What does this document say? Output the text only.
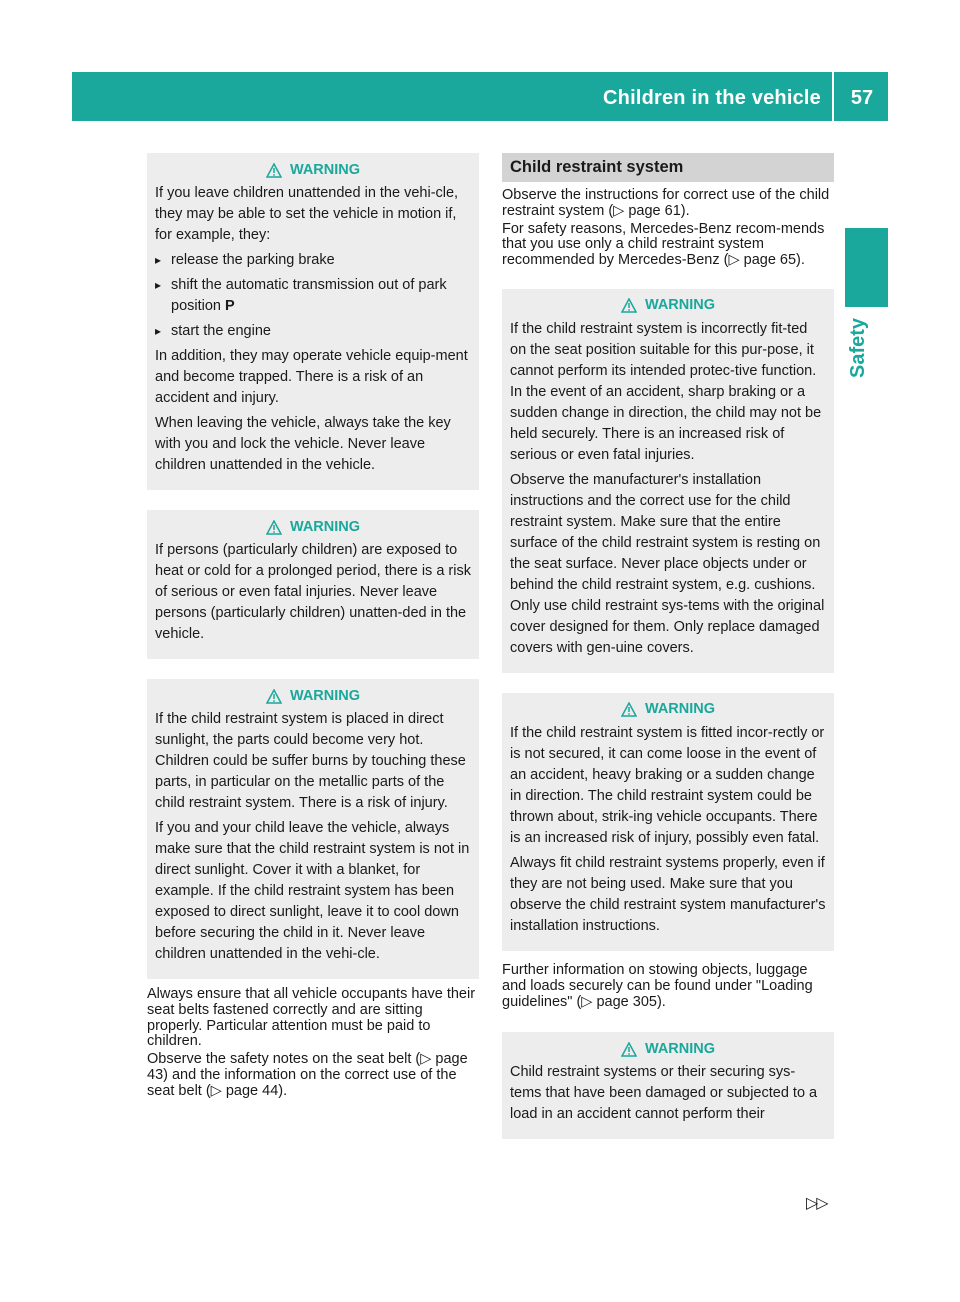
Children in the vehicle	57
Safety
WARNING

If you leave children unattended in the vehi-cle, they may be able to set the vehicle in motion if, for example, they:

▸ release the parking brake
▸ shift the automatic transmission out of park position P
▸ start the engine

In addition, they may operate vehicle equip-ment and become trapped. There is a risk of an accident and injury.

When leaving the vehicle, always take the key with you and lock the vehicle. Never leave children unattended in the vehicle.

WARNING

If persons (particularly children) are exposed to heat or cold for a prolonged period, there is a risk of serious or even fatal injuries. Never leave persons (particularly children) unatten-ded in the vehicle.

WARNING

If the child restraint system is placed in direct sunlight, the parts could become very hot. Children could be suffer burns by touching these parts, in particular on the metallic parts of the child restraint system. There is a risk of injury.

If you and your child leave the vehicle, always make sure that the child restraint system is not in direct sunlight. Cover it with a blanket, for example. If the child restraint system has been exposed to direct sunlight, leave it to cool down before securing the child in it. Never leave children unattended in the vehi-cle.

Always ensure that all vehicle occupants have their seat belts fastened correctly and are sitting properly. Particular attention must be paid to children.

Observe the safety notes on the seat belt (▷ page 43) and the information on the correct use of the seat belt (▷ page 44).

Child restraint system

Observe the instructions for correct use of the child restraint system (▷ page 61).

For safety reasons, Mercedes-Benz recom-mends that you use only a child restraint system recommended by Mercedes-Benz (▷ page 65).

WARNING

If the child restraint system is incorrectly fit-ted on the seat position suitable for this pur-pose, it cannot perform its intended protec-tive function. In the event of an accident, sharp braking or a sudden change in direction, the child may not be held securely. There is an increased risk of serious or even fatal injuries.

Observe the manufacturer's installation instructions and the correct use for the child restraint system. Make sure that the entire surface of the child restraint system is resting on the seat surface. Never place objects under or behind the child restraint system, e.g. cushions. Only use child restraint sys-tems with the original cover designed for them. Only replace damaged covers with gen-uine covers.

WARNING

If the child restraint system is fitted incor-rectly or is not secured, it can come loose in the event of an accident, heavy braking or a sudden change in direction. The child restraint system could be thrown about, strik-ing vehicle occupants. There is an increased risk of injury, possibly even fatal.

Always fit child restraint systems properly, even if they are not being used. Make sure that you observe the child restraint system manufacturer's installation instructions.

Further information on stowing objects, luggage and loads securely can be found under "Loading guidelines" (▷ page 305).

WARNING

Child restraint systems or their securing sys-tems that have been damaged or subjected to a load in an accident cannot perform their

▷▷
